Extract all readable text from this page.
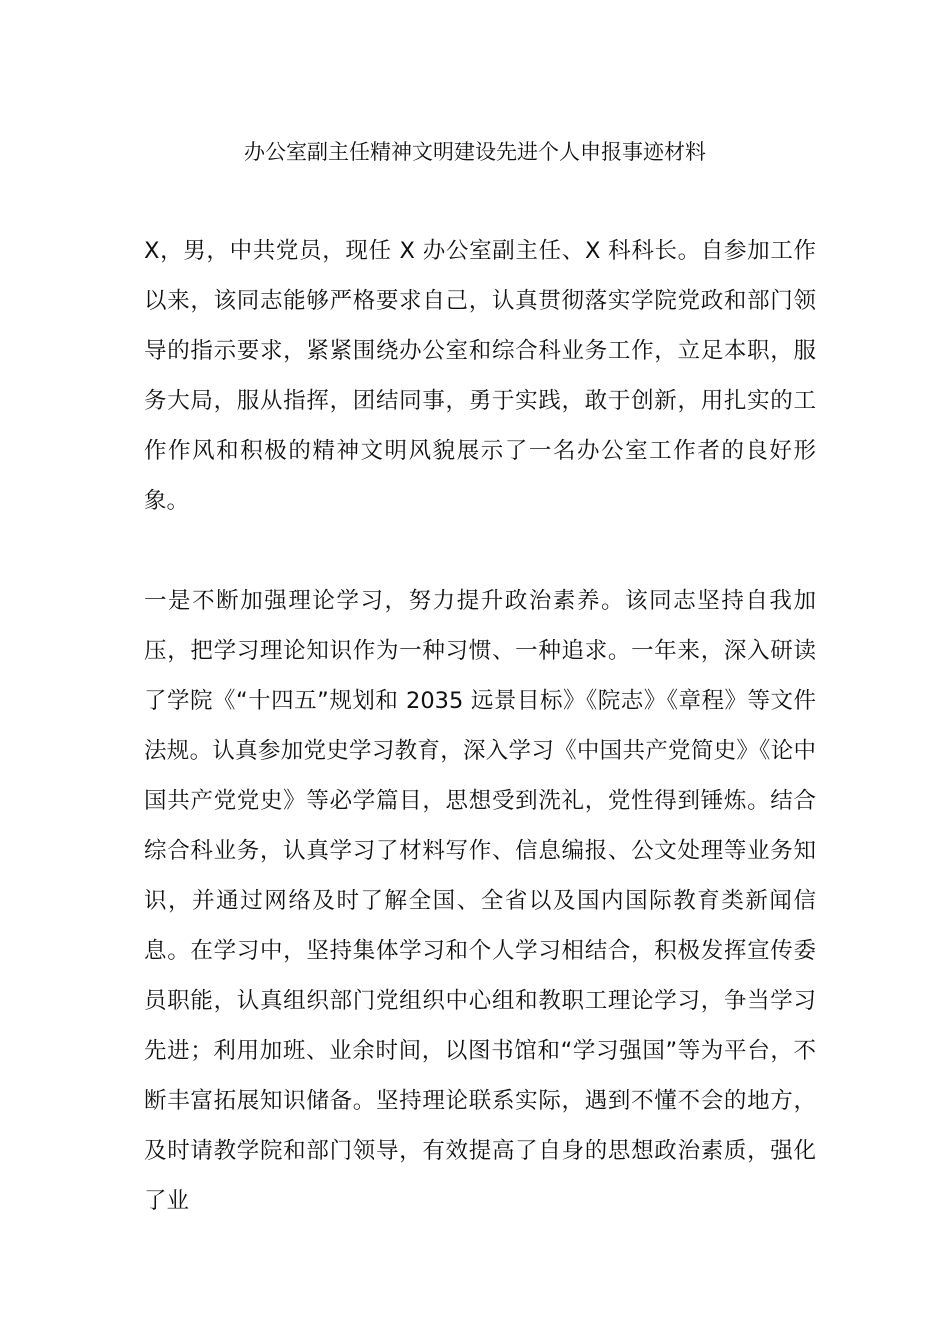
办公室副主任精神文明建设先进个人申报事迹材料

X，男，中共党员，现任 X 办公室副主任、X 科科长。自参加工作以来，该同志能够严格要求自己，认真贯彻落实学院党政和部门领导的指示要求，紧紧围绕办公室和综合科业务工作，立足本职，服务大局，服从指挥，团结同事，勇于实践，敢于创新，用扎实的工作作风和积极的精神文明风貌展示了一名办公室工作者的良好形象。

一是不断加强理论学习，努力提升政治素养。该同志坚持自我加压，把学习理论知识作为一种习惯、一种追求。一年来，深入研读了学院《“十四五”规划和 2035 远景目标》《院志》《章程》等文件法规。认真参加党史学习教育，深入学习《中国共产党简史》《论中国共产党党史》等必学篇目，思想受到洗礼，党性得到锤炼。结合综合科业务，认真学习了材料写作、信息编报、公文处理等业务知识，并通过网络及时了解全国、全省以及国内国际教育类新闻信息。在学习中，坚持集体学习和个人学习相结合，积极发挥宣传委员职能，认真组织部门党组织中心组和教职工理论学习，争当学习先进；利用加班、业余时间，以图书馆和“学习强国”等为平台，不断丰富拓展知识储备。坚持理论联系实际，遇到不懂不会的地方，及时请教学院和部门领导，有效提高了自身的思想政治素质，强化了业
